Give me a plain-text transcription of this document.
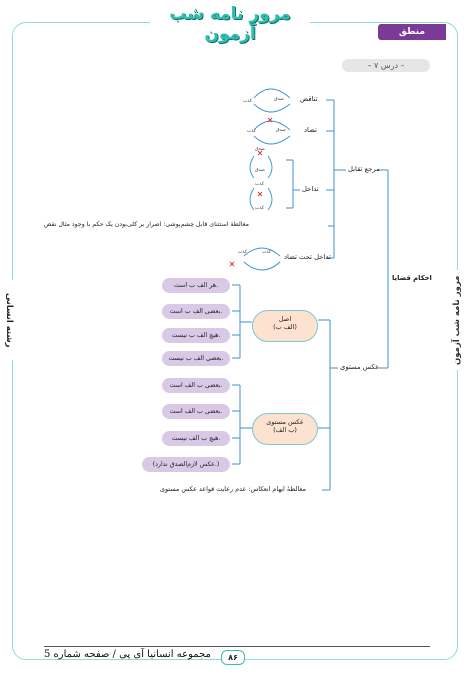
مرور نامه شب آزمون	منطق
– درس ۷ –
رشته انسانی	مرور نامه شب آزمون
صدق
کذب
صدق
کذب
صدق
صدق
کذب
کذب
کذب
کذب
احکام قضایا
مرجع تقابل
عکس مستوی
تناقض
تضاد
تداخل
مغالطهٔ استثنای قابل چشم‌پوشی: اصرار بر کلی‌بودن یک حکم با وجود مثال نقض
تداخل تحت تضاد
هر الف ب است.
بعضی الف ب است.
هیچ الف ب نیست.
بعضی الف ب نیست.
اصل
(الف ب)
بعضی ب الف است.
بعضی ب الف است.
هیچ ب الف نیست.
(عکس لازم‌الصدق ندارد.)
عکس مستوی
(ب الف)
مغالطهٔ ایهام انعکاس: عدم رعایت قواعد عکس مستوی
مجموعه انسانیا آی پی / صفحه شماره 5	۸۶
